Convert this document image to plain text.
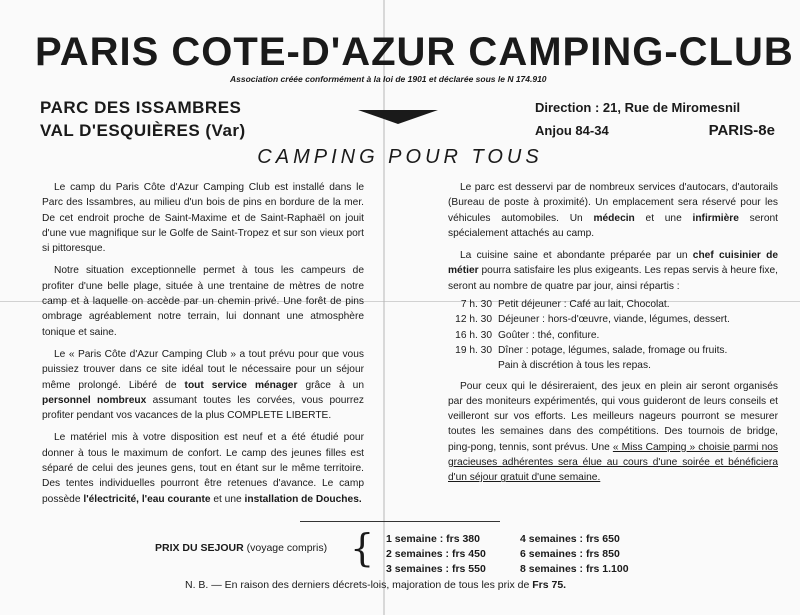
PARIS COTE-D'AZUR CAMPING-CLUB
Association créée conformément à la loi de 1901 et déclarée sous le N 174.910
PARC DES ISSAMBRES
VAL D'ESQUIÈRES (Var)
Direction : 21, Rue de Miromesnil
Anjou 84-34	PARIS-8e
CAMPING POUR TOUS

Le camp du Paris Côte d'Azur Camping Club est installé dans le Parc des Issambres, au milieu d'un bois de pins en bordure de la mer. De cet endroit proche de Saint-Maxime et de Saint-Raphaël on jouit d'une vue magnifique sur le Golfe de Saint-Tropez et sur son vieux port si pittoresque.

Notre situation exceptionnelle permet à tous les campeurs de profiter d'une belle plage, située à une trentaine de mètres de notre camp et à laquelle on accède par un chemin privé. Une forêt de pins ombrage agréablement notre terrain, lui donnant une atmosphère tonique et saine.

Le « Paris Côte d'Azur Camping Club » a tout prévu pour que vous puissiez trouver dans ce site idéal tout le nécessaire pour un séjour même prolongé. Libéré de tout service ménager grâce à un personnel nombreux assumant toutes les corvées, vous pourrez profiter pendant vos vacances de la plus COMPLETE LIBERTE.

Le matériel mis à votre disposition est neuf et a été étudié pour donner à tous le maximum de confort. Le camp des jeunes filles est séparé de celui des jeunes gens, tout en étant sur le même territoire. Des tentes individuelles pourront être retenues d'avance. Le camp possède l'électricité, l'eau courante et une installation de Douches.

Le parc est desservi par de nombreux services d'autocars, d'autorails (Bureau de poste à proximité). Un emplacement sera réservé pour les véhicules automobiles. Un médecin et une infirmière seront spécialement attachés au camp.

La cuisine saine et abondante préparée par un chef cuisinier de métier pourra satisfaire les plus exigeants. Les repas servis à heure fixe, seront au nombre de quatre par jour, ainsi répartis :

7 h. 30 Petit déjeuner : Café au lait, Chocolat.
12 h. 30 Déjeuner : hors-d'œuvre, viande, légumes, dessert.
16 h. 30 Goûter : thé, confiture.
19 h. 30 Dîner : potage, légumes, salade, fromage ou fruits.
Pain à discrétion à tous les repas.

Pour ceux qui le désireraient, des jeux en plein air seront organisés par des moniteurs expérimentés, qui vous guideront de leurs conseils et veilleront sur vos efforts. Les meilleurs nageurs pourront se mesurer toutes les semaines dans des compétitions. Des tournois de bridge, ping-pong, tennis, sont prévus. Une « Miss Camping » choisie parmi nos gracieuses adhérentes sera élue au cours d'une soirée et bénéficiera d'un séjour gratuit d'une semaine.

PRIX DU SEJOUR (voyage compris) { 1 semaine : frs 380
2 semaines : frs 450
3 semaines : frs 550
4 semaines : frs 650
6 semaines : frs 850
8 semaines : frs 1.100
N. B. — En raison des derniers décrets-lois, majoration de tous les prix de Frs 75.
